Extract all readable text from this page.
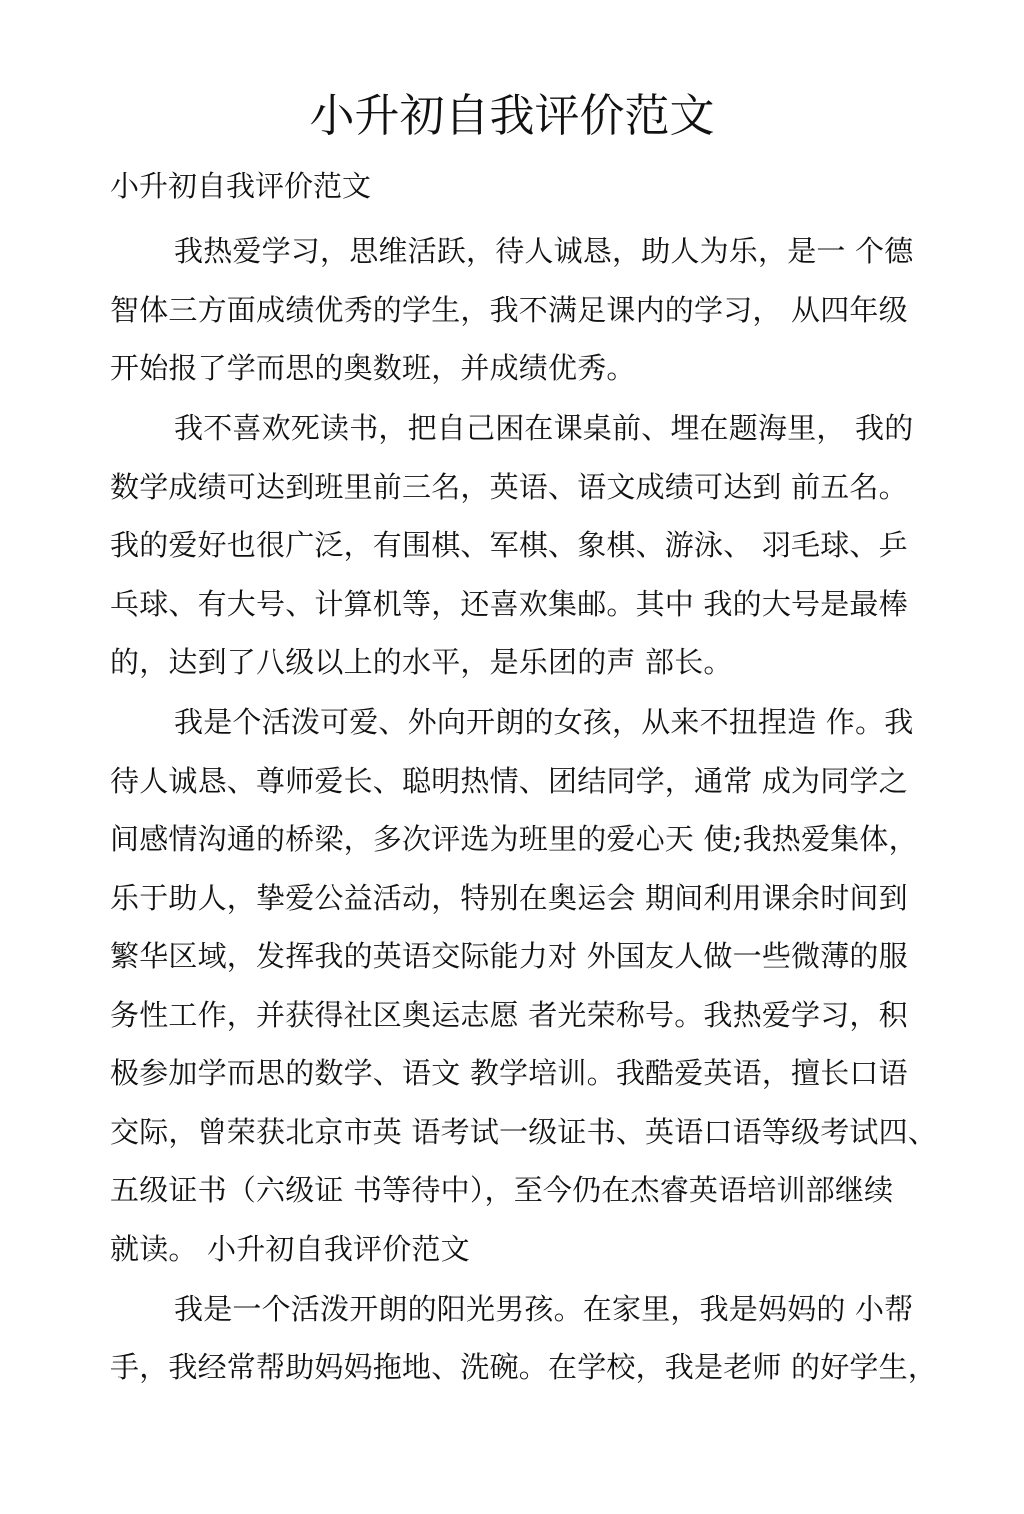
小升初自我评价范文

小升初自我评价范文

我热爱学习，思维活跃，待人诚恳，助人为乐，是一 个德
智体三方面成绩优秀的学生，我不满足课内的学习， 从四年级
开始报了学而思的奥数班，并成绩优秀。

我不喜欢死读书，把自己困在课桌前、埋在题海里， 我的
数学成绩可达到班里前三名，英语、语文成绩可达到 前五名。
我的爱好也很广泛，有围棋、军棋、象棋、游泳、 羽毛球、乒
乓球、有大号、计算机等，还喜欢集邮。其中 我的大号是最棒
的，达到了八级以上的水平，是乐团的声 部长。

我是个活泼可爱、外向开朗的女孩，从来不扭捏造 作。我
待人诚恳、尊师爱长、聪明热情、团结同学，通常 成为同学之
间感情沟通的桥梁，多次评选为班里的爱心天 使;我热爱集体，
乐于助人，挚爱公益活动，特别在奥运会 期间利用课余时间到
繁华区域，发挥我的英语交际能力对 外国友人做一些微薄的服
务性工作，并获得社区奥运志愿 者光荣称号。我热爱学习，积
极参加学而思的数学、语文 教学培训。我酷爱英语，擅长口语
交际，曾荣获北京市英 语考试一级证书、英语口语等级考试四、
五级证书（六级证 书等待中），至今仍在杰睿英语培训部继续
就读。 小升初自我评价范文

我是一个活泼开朗的阳光男孩。在家里，我是妈妈的 小帮
手，我经常帮助妈妈拖地、洗碗。在学校，我是老师 的好学生，
